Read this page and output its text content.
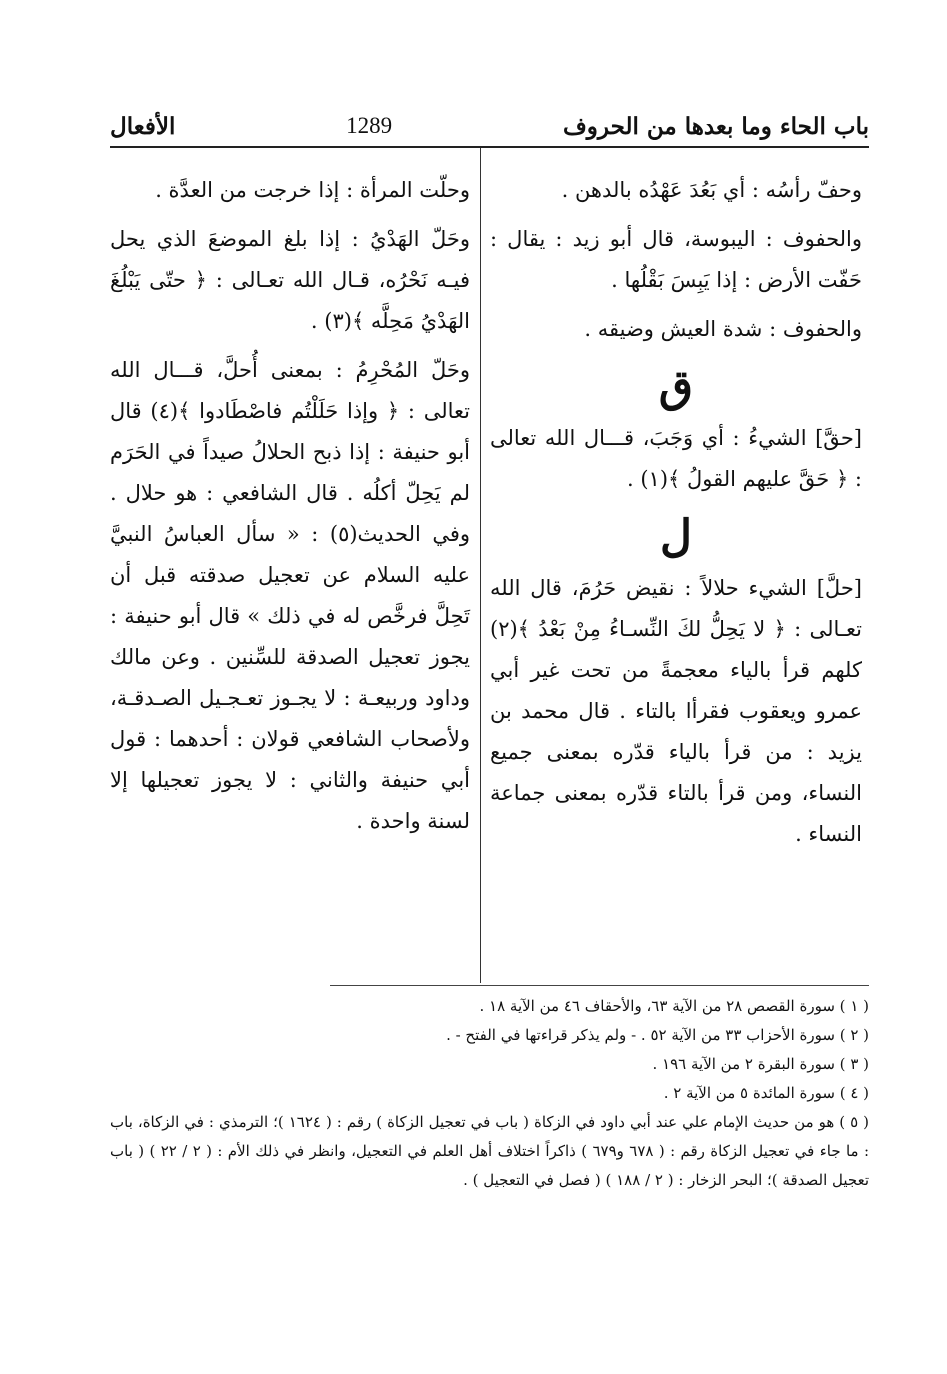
باب الحاء وما بعدها من الحروف
1289
الأفعال

وحفّ رأسُه : أي بَعُدَ عَهْدُه بالدهن .

والحفوف : اليبوسة، قال أبو زيد : يقال : حَفّت الأرض : إذا يَبِسَ بَقْلُها .

والحفوف : شدة العيش وضيقه .

ق

[حقَّ] الشيءُ : أي وَجَبَ، قـــال الله تعالى : ﴿ حَقَّ عليهم القولُ ﴾(١) .

ل

[حلَّ] الشيء حلالاً : نقيض حَرُمَ، قال الله تعـالى : ﴿ لا يَحِلُّ لكَ النِّسـاءُ مِنْ بَعْدُ ﴾(٢) كلهم قرأ بالياء معجمةً من تحت غير أبي عمرو ويعقوب فقرأا بالتاء . قال محمد بن يزيد : من قرأ بالياء قدّره بمعنى جميع النساء، ومن قرأ بالتاء قدّره بمعنى جماعة النساء .

وحلّت المرأة : إذا خرجت من العدَّة .

وحَلّ الهَدْيُ : إذا بلغ الموضعَ الذي يحل فيـه نَحْرُه، قـال الله تعـالى : ﴿ حتّى يَبْلُغَ الهَدْيُ مَحِلَّه ﴾(٣) .

وحَلّ المُحْرِمُ : بمعنى أُحلَّ، قـــال الله تعالى : ﴿ وإذا حَلَلْتُم فاصْطَادوا ﴾(٤) قال أبو حنيفة : إذا ذبح الحلالُ صيداً في الحَرَم لم يَحِلّ أكلُه . قال الشافعي : هو حلال . وفي الحديث(٥) : « سأل العباسُ النبيَّ عليه السلام عن تعجيل صدقته قبل أن تَحِلَّ فرخَّص له في ذلك » قال أبو حنيفة : يجوز تعجيل الصدقة للسِّنين . وعن مالك وداود وربيعـة : لا يجـوز تعـجـيل الصـدقـة، ولأصحاب الشافعي قولان : أحدهما : قول أبي حنيفة والثاني : لا يجوز تعجيلها إلا لسنة واحدة .

( ١ ) سورة القصص ٢٨ من الآية ٦٣، والأحقاف ٤٦ من الآية ١٨ .

( ٢ ) سورة الأحزاب ٣٣ من الآية ٥٢ . - ولم يذكر قراءتها في الفتح - .

( ٣ ) سورة البقرة ٢ من الآية ١٩٦ .

( ٤ ) سورة المائدة ٥ من الآية ٢ .

( ٥ ) هو من حديث الإمام علي عند أبي داود في الزكاة ( باب في تعجيل الزكاة ) رقم : ( ١٦٢٤ )؛ الترمذي : في الزكاة، باب : ما جاء في تعجيل الزكاة رقم : ( ٦٧٨ و٦٧٩ ) ذاكراً اختلاف أهل العلم في التعجيل، وانظر في ذلك الأم : ( ٢ / ٢٢ ) ( باب تعجيل الصدقة )؛ البحر الزخار : ( ٢ / ١٨٨ ) ( فصل في التعجيل ) .
